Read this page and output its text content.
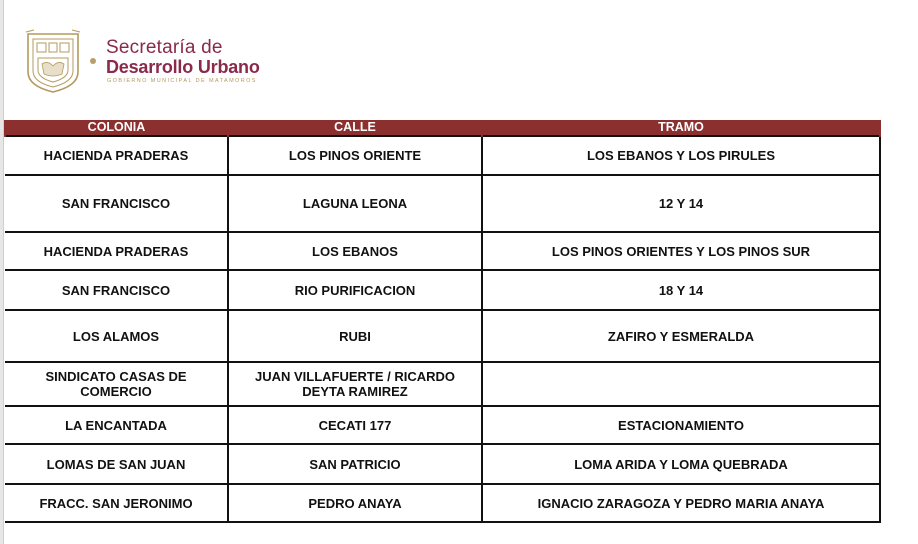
Secretaría de
Desarrollo Urbano
GOBIERNO MUNICIPAL DE MATAMOROS
COLONIA	CALLE	TRAMO
HACIENDA PRADERAS	LOS PINOS ORIENTE	LOS EBANOS Y LOS PIRULES
SAN FRANCISCO	LAGUNA LEONA	12 Y 14
HACIENDA PRADERAS	LOS EBANOS	LOS PINOS ORIENTES Y LOS PINOS SUR
SAN FRANCISCO	RIO PURIFICACION	18 Y 14
LOS ALAMOS	RUBI	ZAFIRO Y ESMERALDA
SINDICATO CASAS DE COMERCIO	JUAN VILLAFUERTE / RICARDO DEYTA RAMIREZ	
LA ENCANTADA	CECATI 177	ESTACIONAMIENTO
LOMAS DE SAN JUAN	SAN PATRICIO	LOMA ARIDA Y LOMA QUEBRADA
FRACC. SAN JERONIMO	PEDRO ANAYA	IGNACIO ZARAGOZA Y PEDRO MARIA ANAYA
